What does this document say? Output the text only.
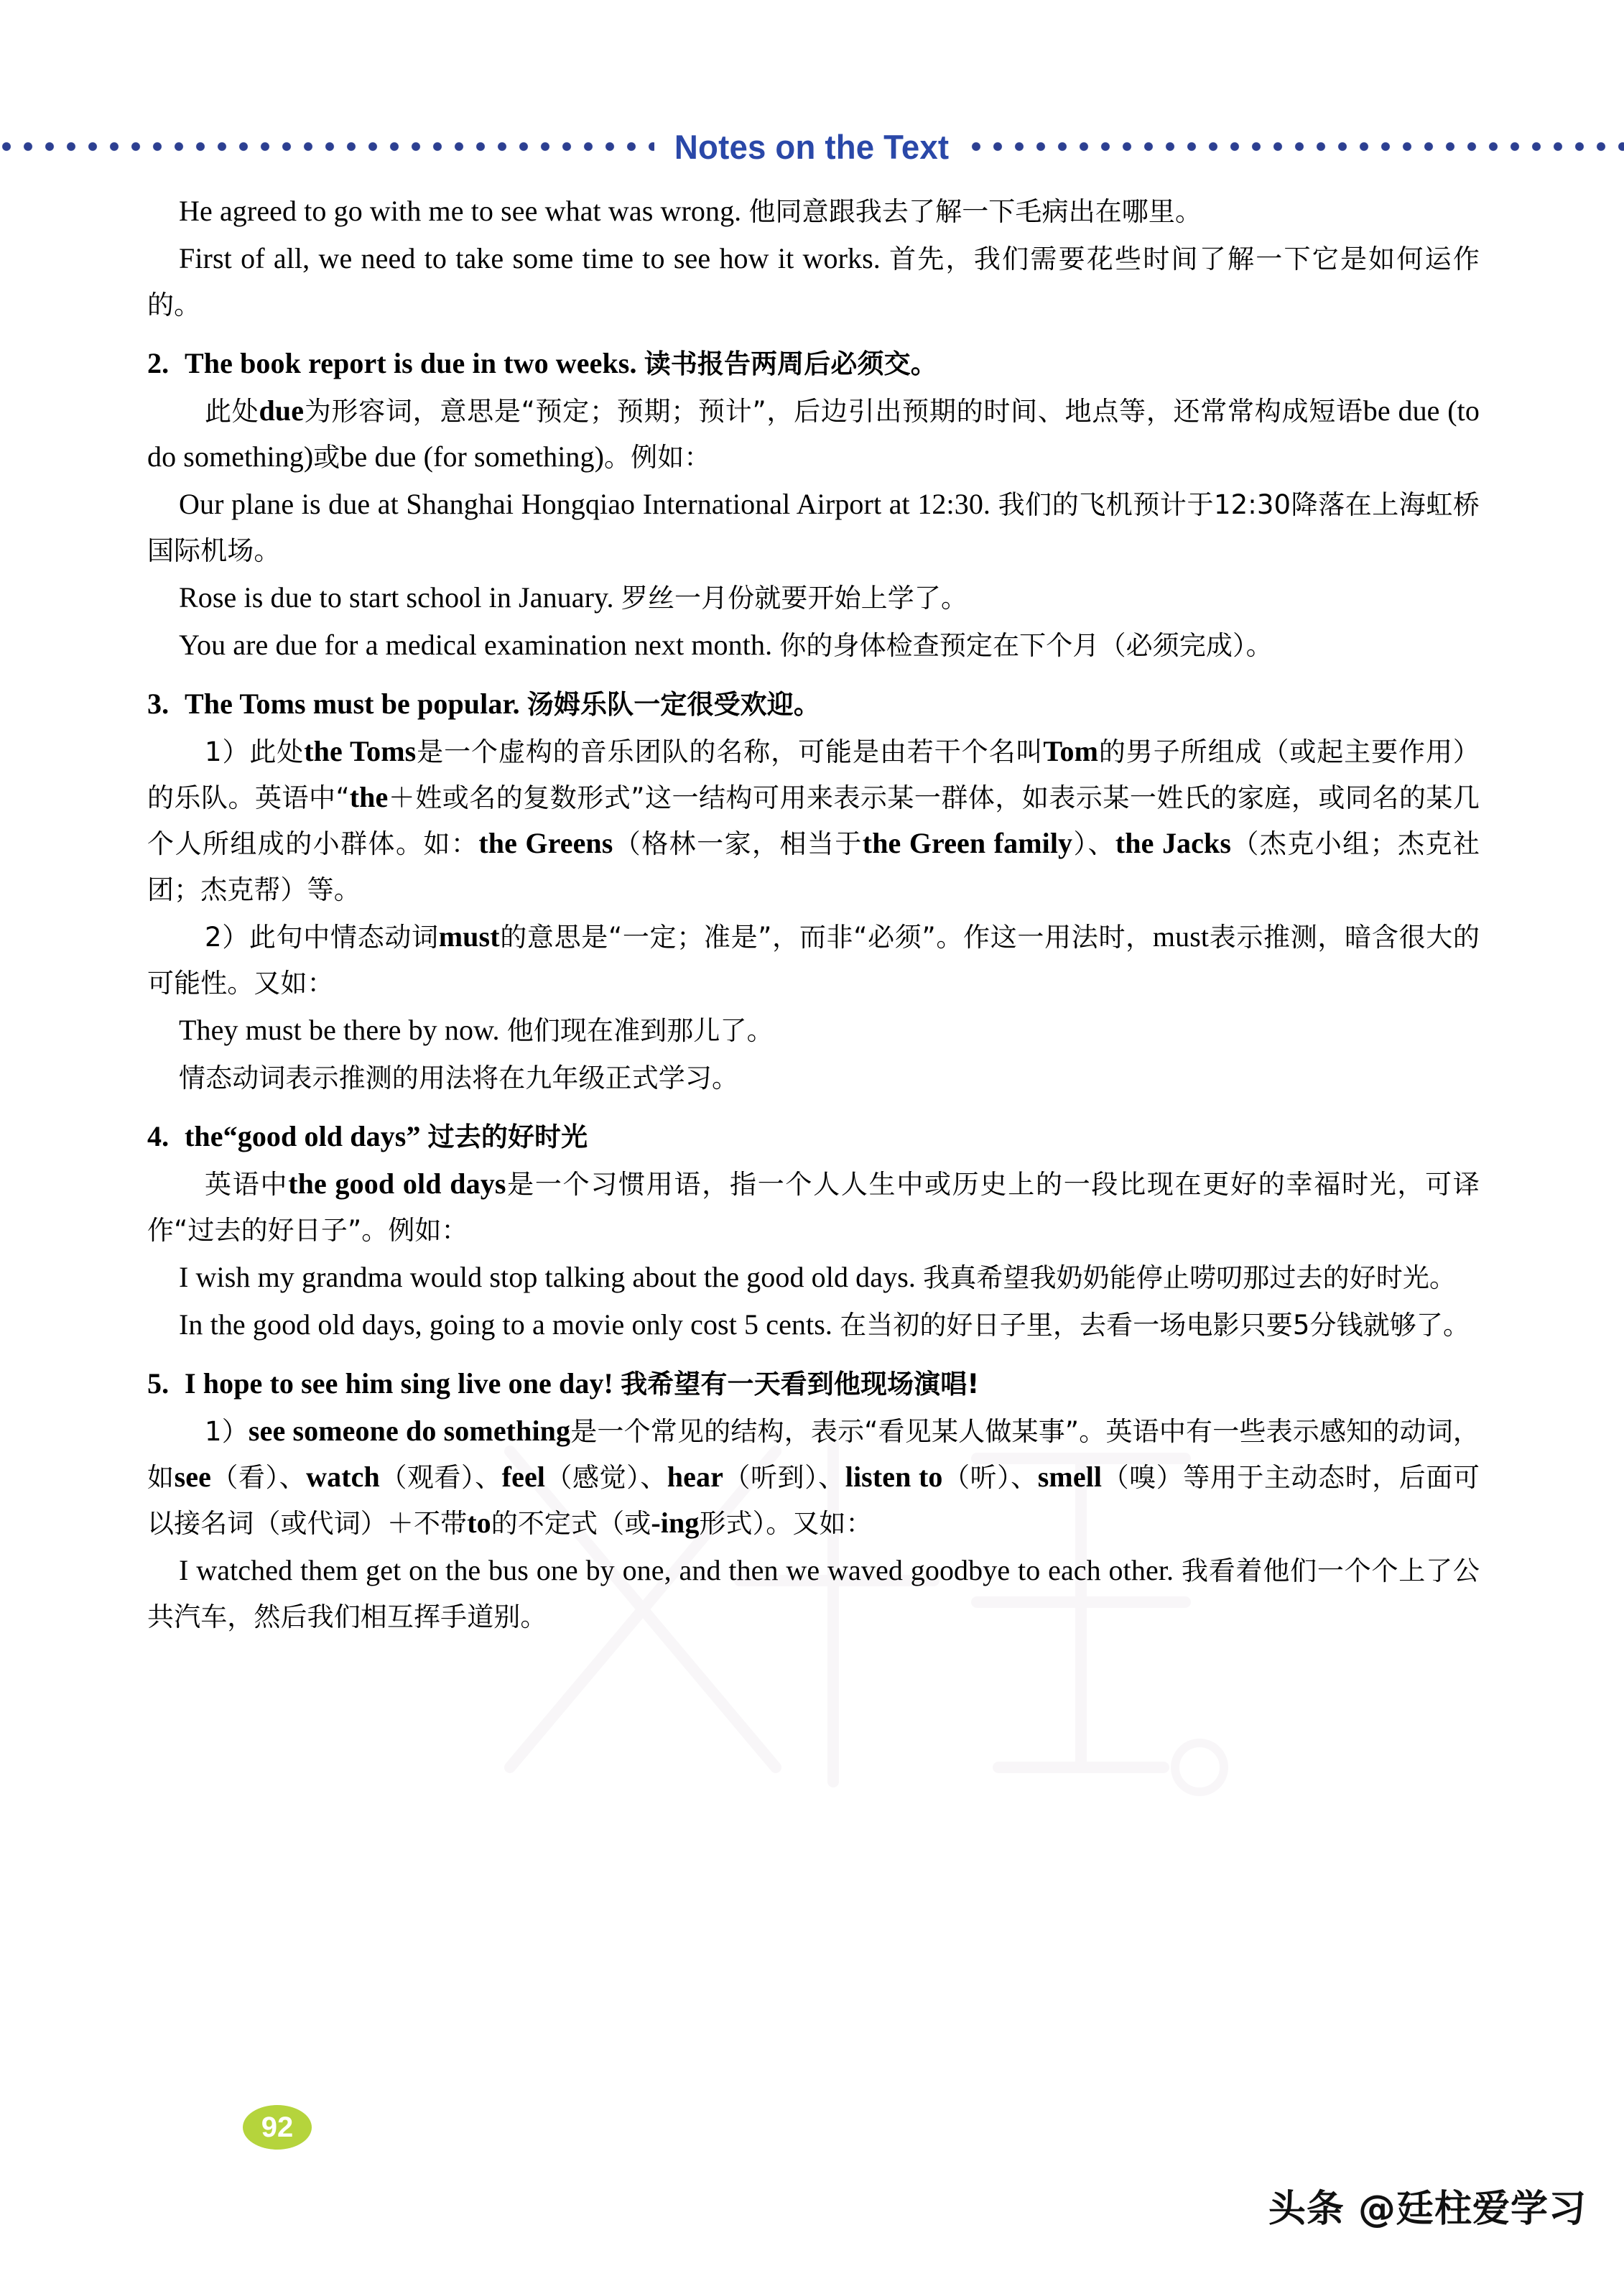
Notes on the Text

He agreed to go with me to see what was wrong. 他同意跟我去了解一下毛病出在哪里。

First of all, we need to take some time to see how it works. 首先，我们需要花些时间了解一下它是如何运作的。

2. The book report is due in two weeks. 读书报告两周后必须交。

此处due为形容词，意思是“预定；预期；预计”，后边引出预期的时间、地点等，还常常构成短语be due (to do something)或be due (for something)。例如：

Our plane is due at Shanghai Hongqiao International Airport at 12:30. 我们的飞机预计于12:30降落在上海虹桥国际机场。

Rose is due to start school in January. 罗丝一月份就要开始上学了。

You are due for a medical examination next month. 你的身体检查预定在下个月（必须完成）。

3. The Toms must be popular. 汤姆乐队一定很受欢迎。

1）此处the Toms是一个虚构的音乐团队的名称，可能是由若干个名叫Tom的男子所组成（或起主要作用）的乐队。英语中“the＋姓或名的复数形式”这一结构可用来表示某一群体，如表示某一姓氏的家庭，或同名的某几个人所组成的小群体。如：the Greens（格林一家，相当于the Green family）、the Jacks（杰克小组；杰克社团；杰克帮）等。

2）此句中情态动词must的意思是“一定；准是”，而非“必须”。作这一用法时，must表示推测，暗含很大的可能性。又如：

They must be there by now. 他们现在准到那儿了。

情态动词表示推测的用法将在九年级正式学习。

4. the“good old days” 过去的好时光

英语中the good old days是一个习惯用语，指一个人人生中或历史上的一段比现在更好的幸福时光，可译作“过去的好日子”。例如：

I wish my grandma would stop talking about the good old days. 我真希望我奶奶能停止唠叨那过去的好时光。

In the good old days, going to a movie only cost 5 cents. 在当初的好日子里，去看一场电影只要5分钱就够了。

5. I hope to see him sing live one day! 我希望有一天看到他现场演唱!

1）see someone do something是一个常见的结构，表示“看见某人做某事”。英语中有一些表示感知的动词，如see（看）、watch（观看）、feel（感觉）、hear（听到）、listen to（听）、smell（嗅）等用于主动态时，后面可以接名词（或代词）＋不带to的不定式（或-ing形式）。又如：

I watched them get on the bus one by one, and then we waved goodbye to each other. 我看着他们一个个上了公共汽车，然后我们相互挥手道别。

92
头条 @廷柱爱学习
